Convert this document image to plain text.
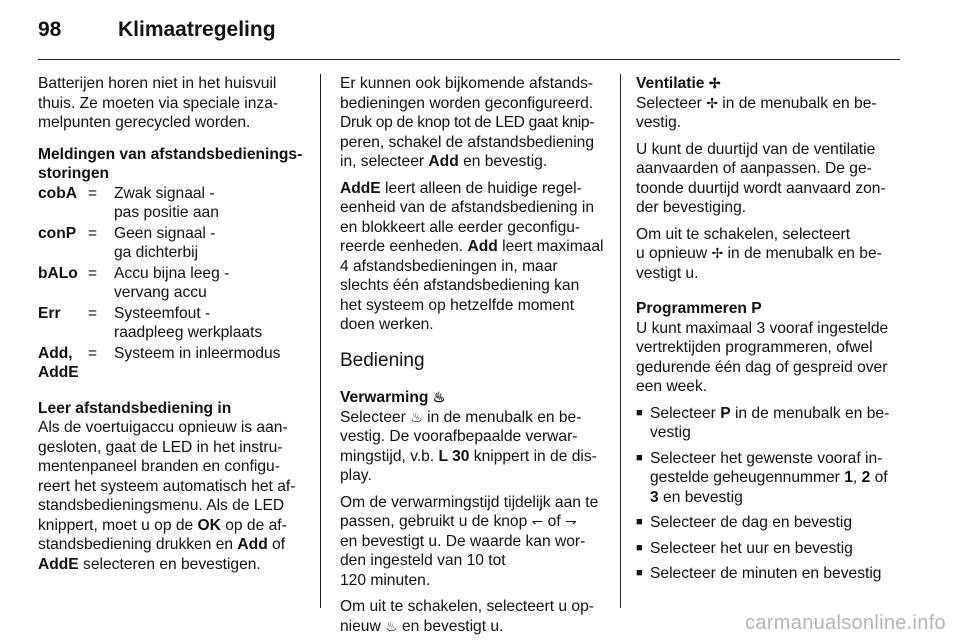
98	Klimaatregeling

Batterijen horen niet in het huisvuil
thuis. Ze moeten via speciale inza-
melpunten gerecycled worden.

Meldingen van afstandsbedienings-
storingen
cobA =	Zwak signaal -
pas positie aan
conP =	Geen signaal -
ga dichterbij
bALo =	Accu bijna leeg -
vervang accu
Err	=	Systeemfout -
raadpleeg werkplaats
Add,
AddE
=	Systeem in inleermodus
Leer afstandsbediening in

Als de voertuigaccu opnieuw is aan-
gesloten, gaat de LED in het instru-
mentenpaneel branden en configu-
reert het systeem automatisch het af-
standsbedieningsmenu. Als de LED
knippert, moet u op de OK op de af-
standsbediening drukken en Add of
AddE selecteren en bevestigen.

Er kunnen ook bijkomende afstands-
bedieningen worden geconfigureerd.
Druk op de knop tot de LED gaat knip-
peren, schakel de afstandsbediening
in, selecteer Add en bevestig.

AddE leert alleen de huidige regel-
eenheid van de afstandsbediening in
en blokkeert alle eerder geconfigu-
reerde eenheden. Add leert maximaal
4 afstandsbedieningen in, maar
slechts één afstandsbediening kan
het systeem op hetzelfde moment
doen werken.

Bediening
Verwarming ♨

Selecteer ♨ in de menubalk en be-
vestig. De voorafbepaalde verwar-
mingstijd, v.b. L 30 knippert in de dis-
play.

Om de verwarmingstijd tijdelijk aan te
passen, gebruikt u de knop ↽ of ⇁
en bevestigt u. De waarde kan wor-
den ingesteld van 10 tot
120 minuten.

Om uit te schakelen, selecteert u op-
nieuw ♨ en bevestigt u.

Ventilatie ✢

Selecteer ✢ in de menubalk en be-
vestig.

U kunt de duurtijd van de ventilatie
aanvaarden of aanpassen. De ge-
toonde duurtijd wordt aanvaard zon-
der bevestiging.

Om uit te schakelen, selecteert
u opnieuw ✢ in de menubalk en be-
vestigt u.

Programmeren P

U kunt maximaal 3 vooraf ingestelde
vertrektijden programmeren, ofwel
gedurende één dag of gespreid over
een week.

■ Selecteer P in de menubalk en be-
vestig
■ Selecteer het gewenste vooraf in-
gestelde geheugennummer 1, 2 of
3 en bevestig
■ Selecteer de dag en bevestig
■ Selecteer het uur en bevestig
■ Selecteer de minuten en bevestig
carmanualsonline.info
